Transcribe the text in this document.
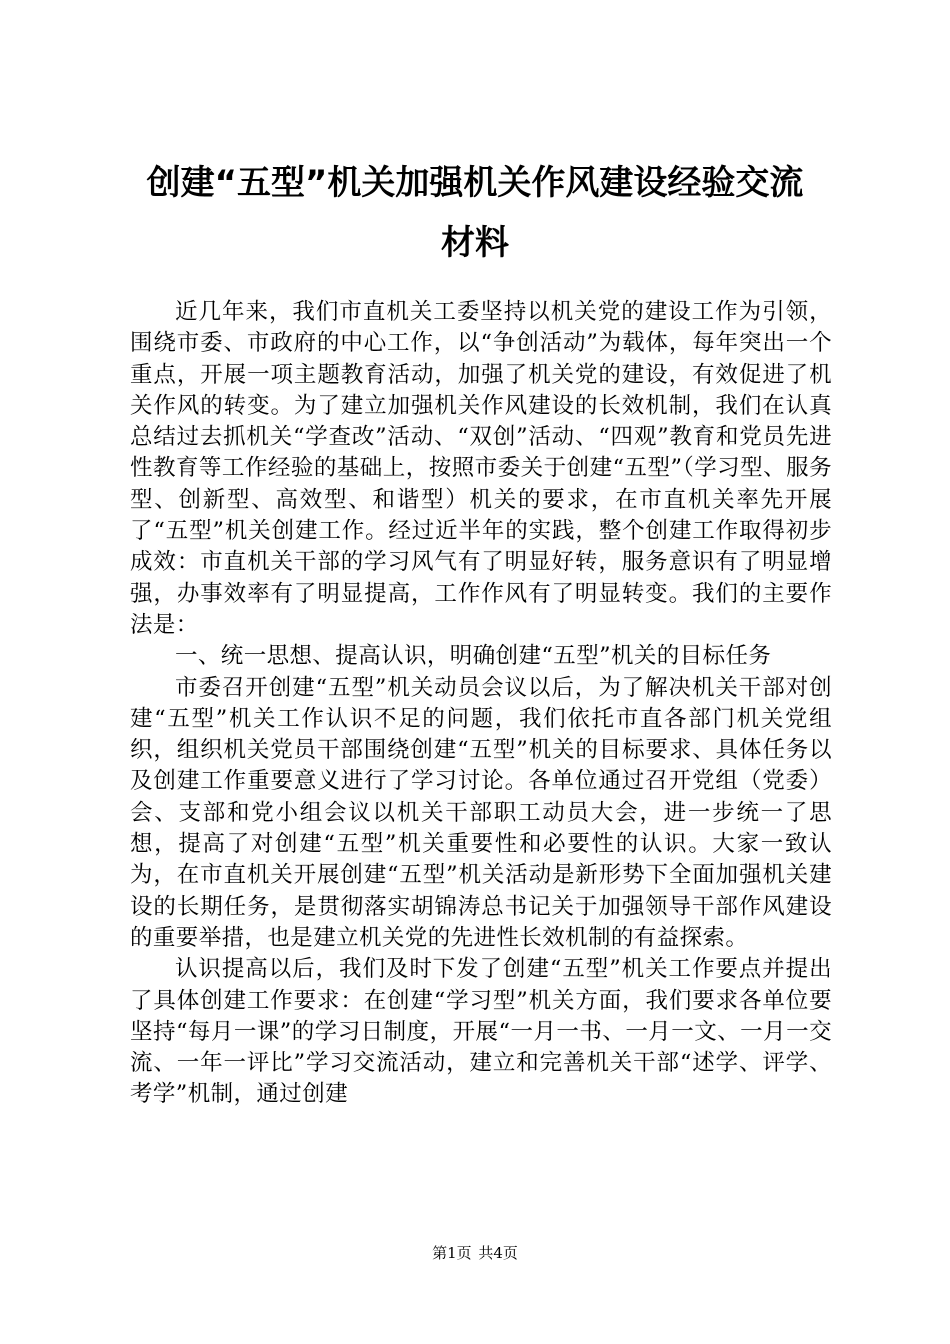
创建“五型”机关加强机关作风建设经验交流
材料

近几年来，我们市直机关工委坚持以机关党的建设工作为引领，围绕市委、市政府的中心工作，以“争创活动”为载体，每年突出一个重点，开展一项主题教育活动，加强了机关党的建设，有效促进了机关作风的转变。为了建立加强机关作风建设的长效机制，我们在认真总结过去抓机关“学查改”活动、“双创”活动、“四观”教育和党员先进性教育等工作经验的基础上，按照市委关于创建“五型”（学习型、服务型、创新型、高效型、和谐型）机关的要求，在市直机关率先开展了“五型”机关创建工作。经过近半年的实践，整个创建工作取得初步成效：市直机关干部的学习风气有了明显好转，服务意识有了明显增强，办事效率有了明显提高，工作作风有了明显转变。我们的主要作法是：

一、统一思想、提高认识，明确创建“五型”机关的目标任务

市委召开创建“五型”机关动员会议以后，为了解决机关干部对创建“五型”机关工作认识不足的问题，我们依托市直各部门机关党组织，组织机关党员干部围绕创建“五型”机关的目标要求、具体任务以及创建工作重要意义进行了学习讨论。各单位通过召开党组（党委）会、支部和党小组会议以机关干部职工动员大会，进一步统一了思想，提高了对创建“五型”机关重要性和必要性的认识。大家一致认为，在市直机关开展创建“五型”机关活动是新形势下全面加强机关建设的长期任务，是贯彻落实胡锦涛总书记关于加强领导干部作风建设的重要举措，也是建立机关党的先进性长效机制的有益探索。

认识提高以后，我们及时下发了创建“五型”机关工作要点并提出了具体创建工作要求：在创建“学习型”机关方面，我们要求各单位要坚持“每月一课”的学习日制度，开展“一月一书、一月一文、一月一交流、一年一评比”学习交流活动，建立和完善机关干部“述学、评学、考学”机制，通过创建

第1页 共4页
